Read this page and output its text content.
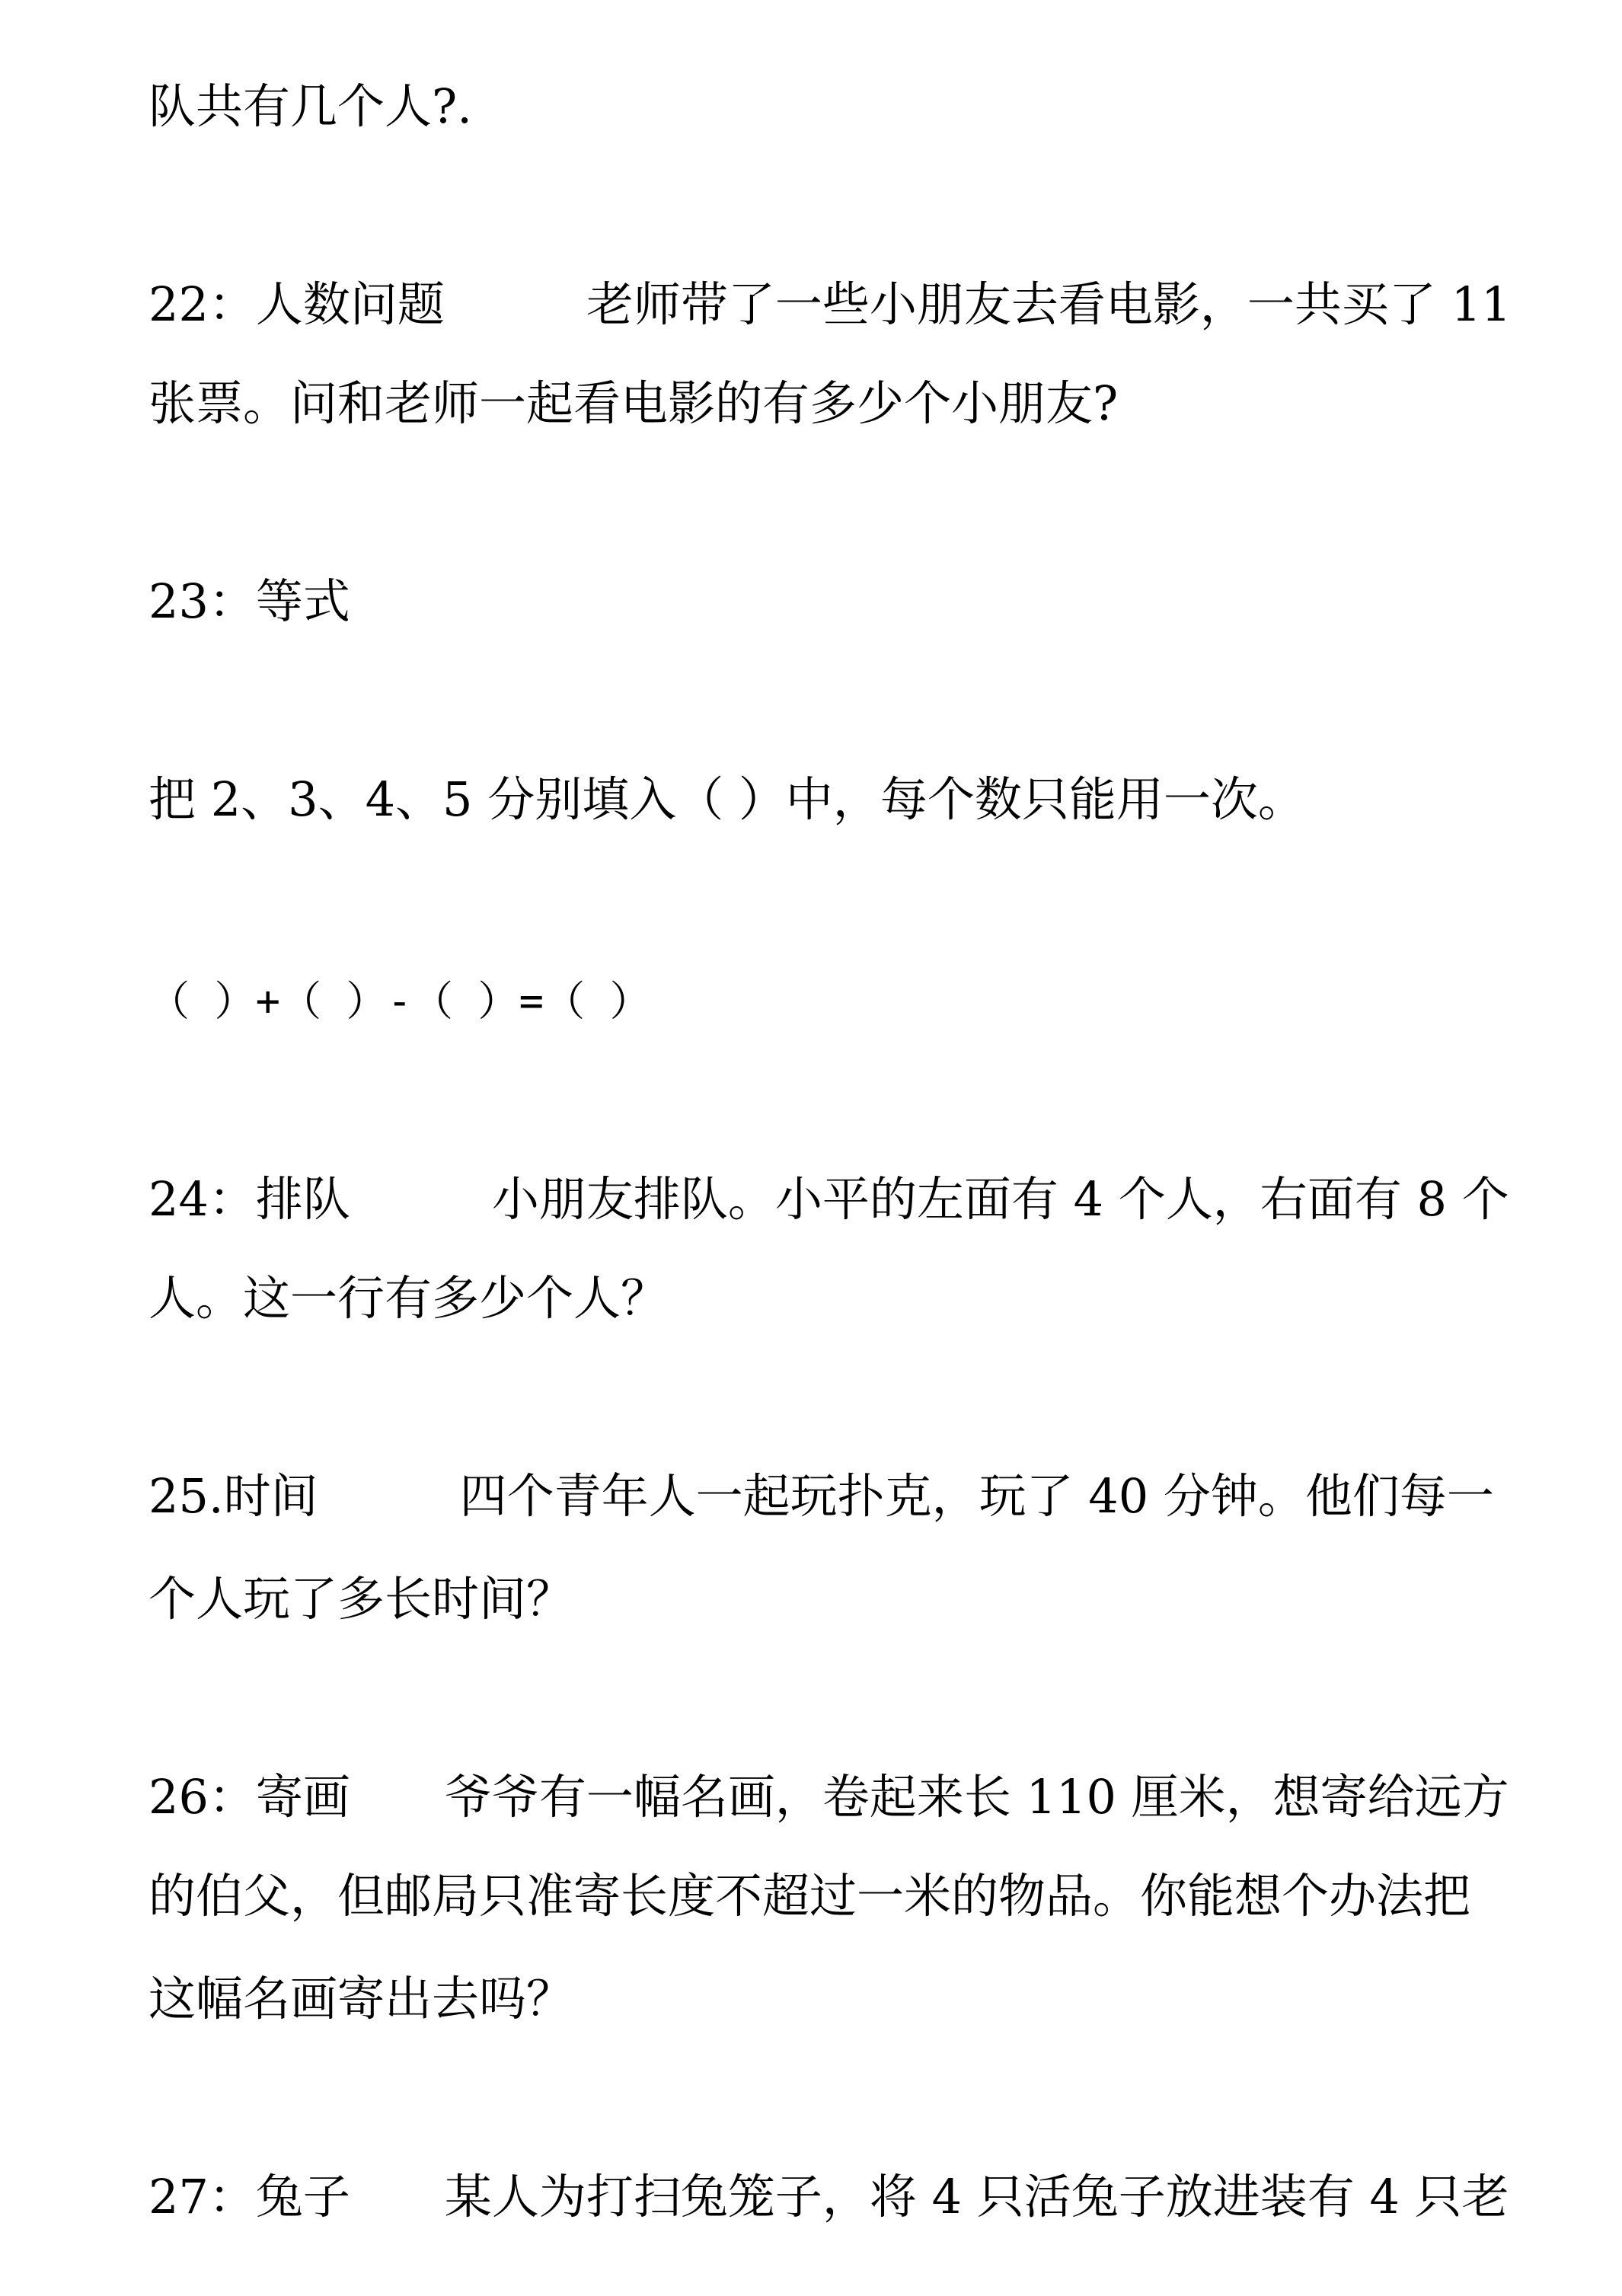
队共有几个人?.
22：人数问题　　　老师带了一些小朋友去看电影，一共买了 11
张票。问和老师一起看电影的有多少个小朋友?
23：等式
把 2、3、4、5 分别填入（ ）中，每个数只能用一次。
（ ）+（ ）-（ ）=（ ）
24：排队　　　小朋友排队。小平的左面有 4 个人，右面有 8 个
人。这一行有多少个人？
25.时间　　　四个青年人一起玩扑克，玩了 40 分钟。他们每一
个人玩了多长时间？
26：寄画　　爷爷有一幅名画，卷起来长 110 厘米，想寄给远方
的伯父，但邮局只准寄长度不超过一米的物品。你能想个办法把
这幅名画寄出去吗？
27：兔子　　某人为打扫兔笼子，将 4 只活兔子放进装有 4 只老
